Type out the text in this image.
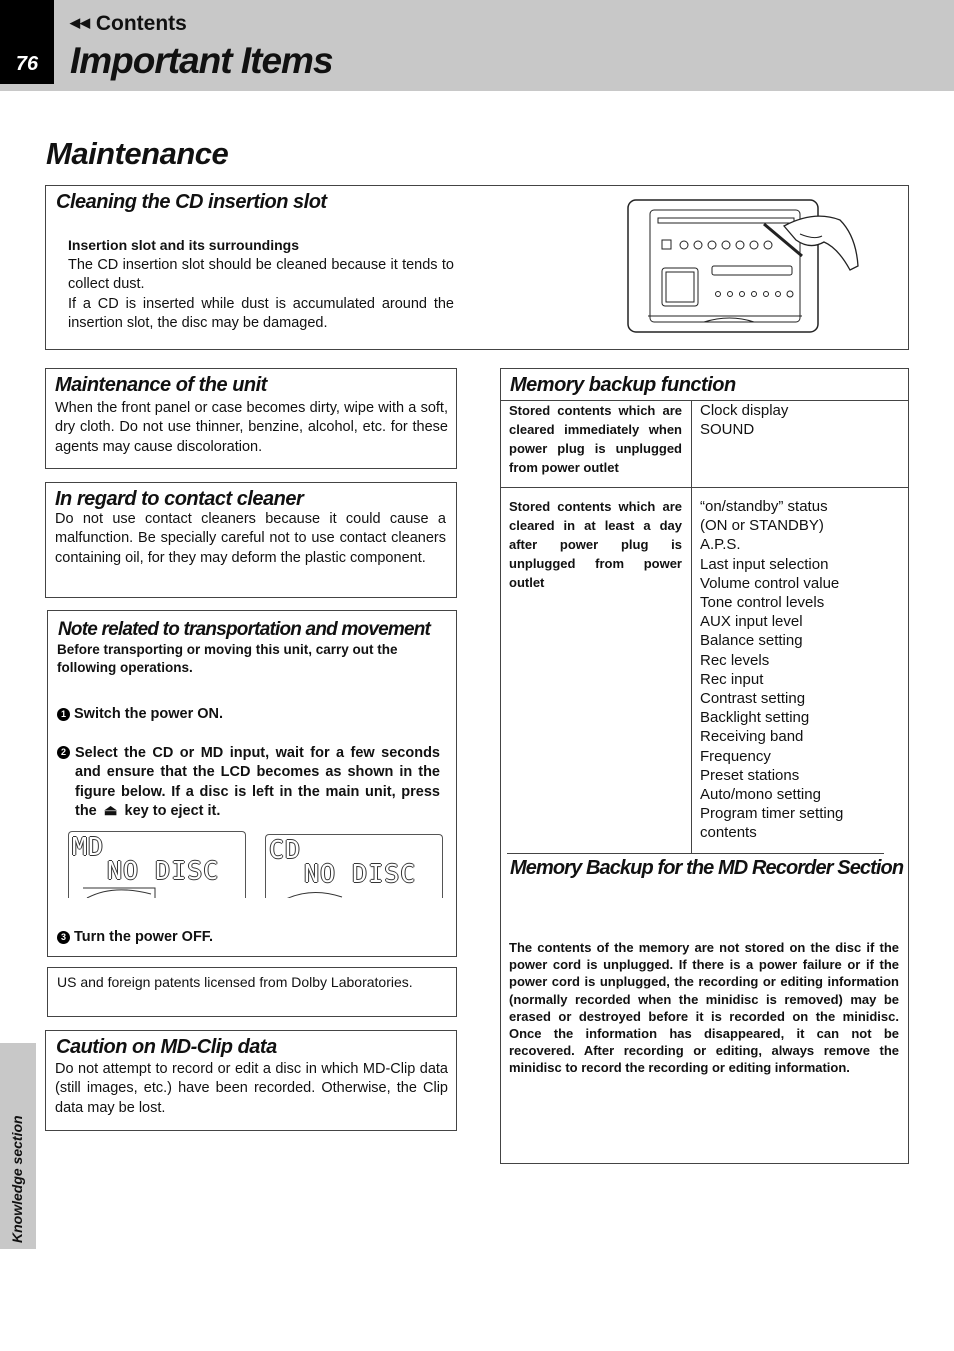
76
◀◀ Contents
Important Items
Maintenance
Cleaning the CD insertion slot
Insertion slot and its surroundings
The CD insertion slot should be cleaned because it tends to collect dust.
If a CD is inserted while dust is accumulated around the insertion slot, the disc may be damaged.
Maintenance of the unit
When the front panel or case becomes dirty, wipe with a soft, dry cloth. Do not use thinner, benzine, alcohol, etc. for these agents may cause discoloration.
In regard to contact cleaner
Do not use contact cleaners because it could cause a malfunction. Be specially careful not to use contact cleaners containing oil, for they may deform the plastic component.
Note related to transportation and movement
Before transporting or moving this unit, carry out the following operations.
1 Switch the power ON.
2 Select the CD or MD input, wait for a few seconds and ensure that the LCD becomes as shown in the figure below. If a disc is left in the main unit, press the ⏏ key to eject it.
MD
NO DISC
CD
NO DISC
3 Turn the power OFF.
US and foreign patents licensed from Dolby Laboratories.
Caution on MD-Clip data
Do not attempt to record or edit a disc in which MD-Clip data (still images, etc.) have been recorded. Otherwise, the Clip data may be lost.
Memory backup function
Stored contents which are cleared immediately when power plug is unplugged from power outlet
Clock display
SOUND
Stored contents which are cleared in at least a day after power plug is unplugged from power outlet
“on/standby” status
(ON or STANDBY)
A.P.S.
Last input selection
Volume control value
Tone control levels
AUX input level
Balance setting
Rec levels
Rec input
Contrast setting
Backlight setting
Receiving band
Frequency
Preset stations
Auto/mono setting
Program timer setting
contents
Memory Backup for the MD Recorder Section
The contents of the memory are not stored on the disc if the power cord is unplugged. If there is a power failure or if the power cord is unplugged, the recording or editing information (normally recorded when the minidisc is removed) may be erased or destroyed before it is recorded on the minidisc. Once the information has disappeared, it can not be recovered. After recording or editing, always remove the minidisc to record the recording or editing information.
Knowledge section
